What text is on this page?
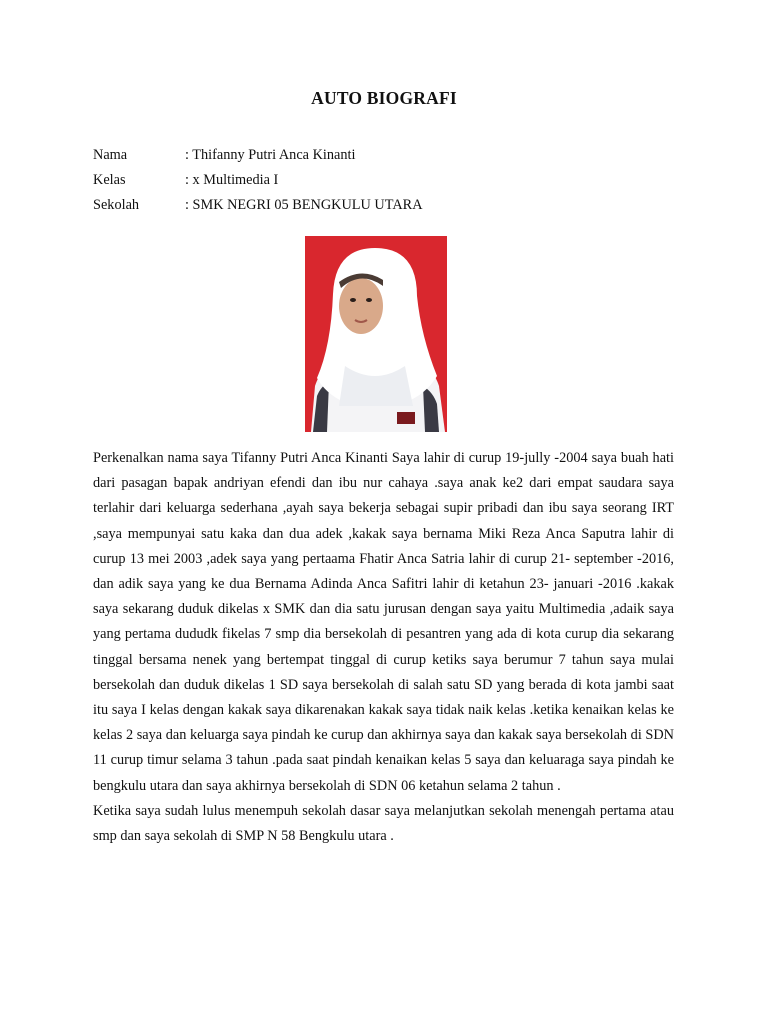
AUTO BIOGRAFI
Nama	: Thifanny Putri Anca Kinanti
Kelas	: x Multimedia I
Sekolah	: SMK NEGRI 05 BENGKULU UTARA

Perkenalkan nama saya Tifanny Putri Anca Kinanti Saya lahir di curup 19-jully -2004 saya buah hati dari pasagan bapak andriyan efendi dan ibu nur cahaya .saya anak ke2 dari empat saudara saya terlahir dari keluarga sederhana ,ayah saya bekerja sebagai supir pribadi dan ibu saya seorang IRT ,saya mempunyai satu kaka dan dua adek ,kakak saya bernama Miki Reza Anca Saputra lahir di curup 13 mei 2003 ,adek saya yang pertaama Fhatir Anca Satria lahir di curup 21- september -2016, dan adik saya yang ke dua Bernama Adinda Anca Safitri lahir di ketahun 23- januari -2016 .kakak saya sekarang duduk dikelas x SMK dan dia satu jurusan dengan saya yaitu Multimedia ,adaik saya yang pertama dududk fikelas 7 smp dia bersekolah di pesantren yang ada di kota curup dia sekarang tinggal bersama nenek yang bertempat tinggal di curup ketiks saya berumur 7 tahun saya mulai bersekolah dan duduk dikelas 1 SD saya bersekolah di salah satu SD yang berada di kota jambi saat itu saya I kelas dengan kakak saya dikarenakan kakak saya tidak naik kelas .ketika kenaikan kelas ke kelas 2 saya dan keluarga saya pindah ke curup dan akhirnya saya dan kakak saya bersekolah di SDN 11 curup timur selama 3 tahun .pada saat pindah kenaikan kelas 5 saya dan keluaraga saya pindah ke bengkulu utara dan saya akhirnya bersekolah di SDN 06 ketahun selama 2 tahun .

Ketika saya sudah lulus menempuh sekolah dasar saya melanjutkan sekolah menengah pertama atau smp dan saya sekolah di SMP N 58 Bengkulu utara .
